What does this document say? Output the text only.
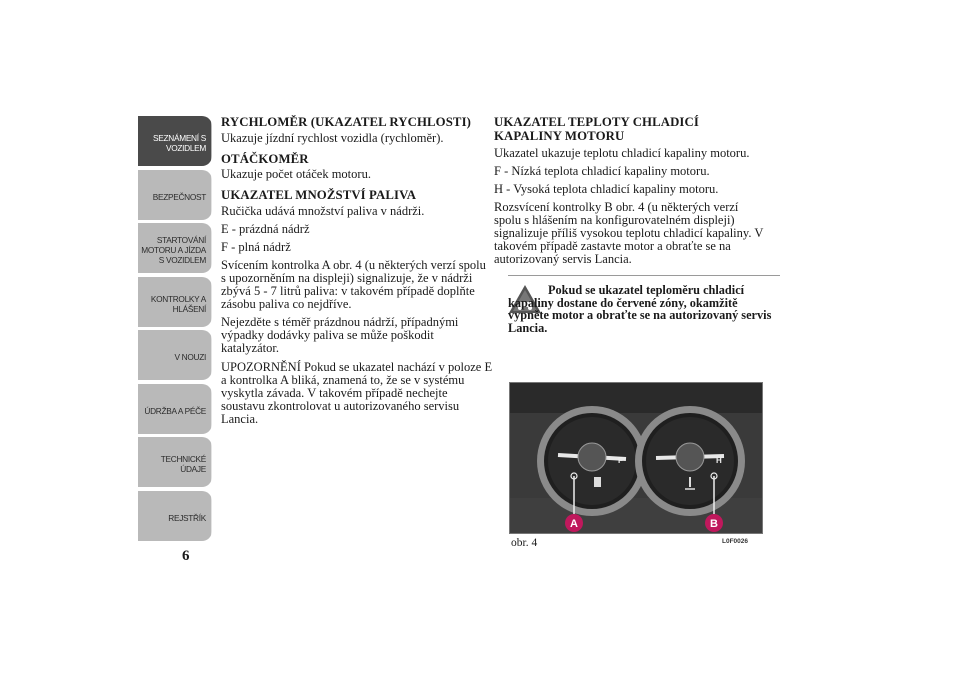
SEZNÁMENÍ S
VOZIDLEM
BEZPEČNOST
STARTOVÁNÍ
MOTORU A JÍZDA
S VOZIDLEM
KONTROLKY A
HLÁŠENÍ
V NOUZI
ÚDRŽBA A PÉČE
TECHNICKÉ
ÚDAJE
REJSTŘÍK
6
RYCHLOMĚR (UKAZATEL RYCHLOSTI)

Ukazuje jízdní rychlost vozidla (rychloměr).

OTÁČKOMĚR

Ukazuje počet otáček motoru.

UKAZATEL MNOŽSTVÍ PALIVA

Ručička udává množství paliva v nádrži.

E - prázdná nádrž

F - plná nádrž

Svícením kontrolka A obr. 4 (u některých verzí spolu s upozorněním na displeji) signalizuje, že v nádrži zbývá 5 - 7 litrů paliva: v takovém případě doplňte zásobu paliva co nejdříve.

Nejezděte s téměř prázdnou nádrží, případnými výpadky dodávky paliva se může poškodit katalyzátor.

UPOZORNĚNÍ Pokud se ukazatel nachází v poloze E a kontrolka A bliká, znamená to, že se v systému vyskytla závada. V takovém případě nechejte soustavu zkontrolovat u autorizovaného servisu Lancia.

UKAZATEL TEPLOTY CHLADICÍ KAPALINY MOTORU

Ukazatel ukazuje teplotu chladicí kapaliny motoru.

F - Nízká teplota chladicí kapaliny motoru.

H - Vysoká teplota chladicí kapaliny motoru.

Rozsvícení kontrolky B obr. 4 (u některých verzí spolu s hlášením na konfigurovatelném displeji) signalizuje příliš vysokou teplotu chladicí kapaliny. V takovém případě zastavte motor a obraťte se na autorizovaný servis Lancia.

Pokud se ukazatel teploměru chladicí kapaliny dostane do červené zóny, okamžitě vypněte motor a obraťte se na autorizovaný servis Lancia.
F	H
A	B
obr. 4	L0F0026
